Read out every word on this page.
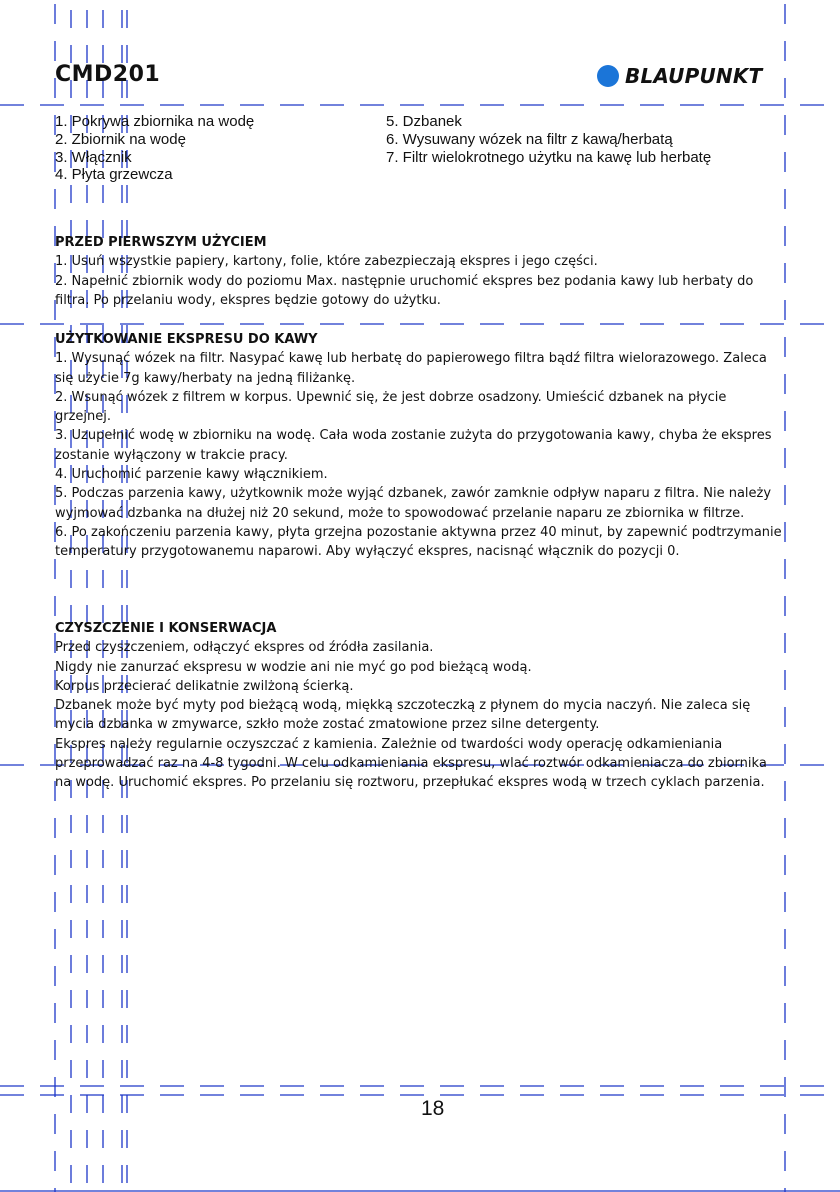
CMD201	BLAUPUNKT
1. Pokrywa zbiornika na wodę
2. Zbiornik na wodę
3. Włącznik
4. Płyta grzewcza
5. Dzbanek
6. Wysuwany wózek na filtr z kawą/herbatą
7. Filtr wielokrotnego użytku na kawę lub herbatę
PRZED PIERWSZYM UŻYCIEM

1. Usuń wszystkie papiery, kartony, folie, które zabezpieczają ekspres i jego części.

2. Napełnić zbiornik wody do poziomu Max. następnie uruchomić ekspres bez podania kawy lub herbaty do filtra. Po przelaniu wody, ekspres będzie gotowy do użytku.

UŻYTKOWANIE EKSPRESU DO KAWY

1. Wysunąć wózek na filtr. Nasypać kawę lub herbatę do papierowego filtra bądź filtra wielorazowego. Zaleca się użycie 7g kawy/herbaty na jedną filiżankę.

2. Wsunąć wózek z filtrem w korpus. Upewnić się, że jest dobrze osadzony. Umieścić dzbanek na płycie grzejnej.

3. Uzupełnić wodę w zbiorniku na wodę. Cała woda zostanie zużyta do przygotowania kawy, chyba że ekspres zostanie wyłączony w trakcie pracy.

4. Uruchomić parzenie kawy włącznikiem.

5. Podczas parzenia kawy, użytkownik może wyjąć dzbanek, zawór zamknie odpływ naparu z filtra. Nie należy wyjmować dzbanka na dłużej niż 20 sekund, może to spowodować przelanie naparu ze zbiornika w filtrze.

6. Po zakończeniu parzenia kawy, płyta grzejna pozostanie aktywna przez 40 minut, by zapewnić podtrzymanie temperatury przygotowanemu naparowi. Aby wyłączyć ekspres, nacisnąć włącznik do pozycji 0.

CZYSZCZENIE I KONSERWACJA

Przed czyszczeniem, odłączyć ekspres od źródła zasilania.

Nigdy nie zanurzać ekspresu w wodzie ani nie myć go pod bieżącą wodą.

Korpus przecierać delikatnie zwilżoną ścierką.

Dzbanek może być myty pod bieżącą wodą, miękką szczoteczką z płynem do mycia naczyń. Nie zaleca się mycia dzbanka w zmywarce, szkło może zostać zmatowione przez silne detergenty.

Ekspres należy regularnie oczyszczać z kamienia. Zależnie od twardości wody operację odkamieniania przeprowadzać raz na 4-8 tygodni. W celu odkamieniania ekspresu, wlać roztwór odkamieniacza do zbiornika na wodę. Uruchomić ekspres. Po przelaniu się roztworu, przepłukać ekspres wodą w trzech cyklach parzenia.

18
